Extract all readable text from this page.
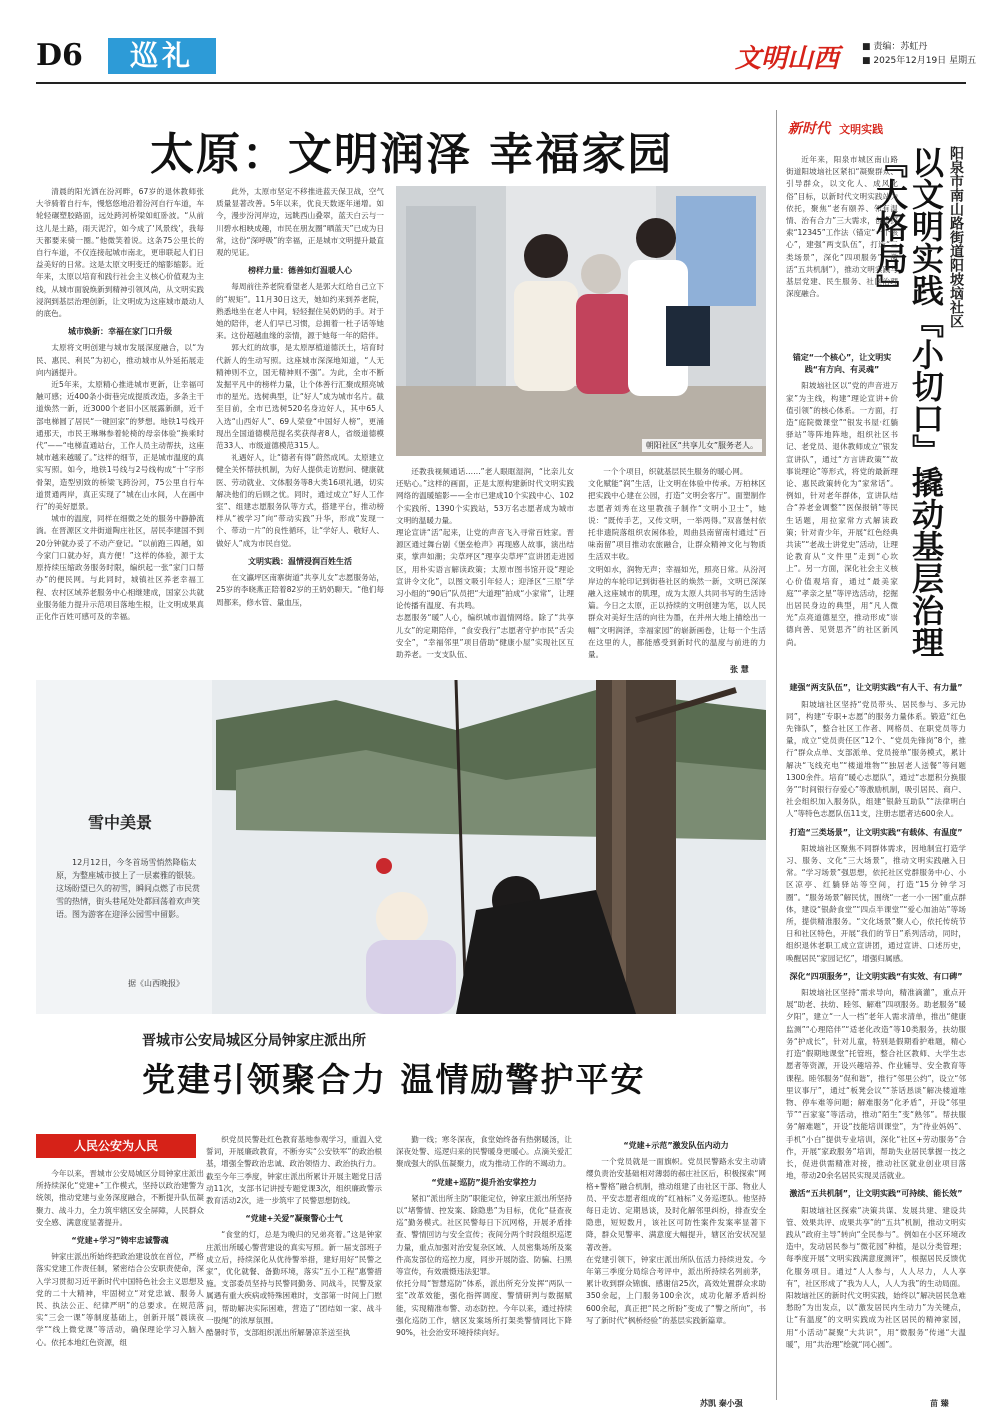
D6	巡礼	文明山西	■ 责编：苏虹丹
■ 2025年12月19日 星期五
太原：文明润泽 幸福家园

清晨的阳光洒在汾河畔，67岁的退休教师张大爷骑着自行车，慢悠悠地沿着汾河自行车道，车轮轻碾塑胶路面，远处跨河桥梁如虹卧波。“从前这儿是土路，雨天泥泞，如今成了‘风景线’，我每天都要来骑一圈。”他微笑着说。这条75公里长的自行车道，不仅连接起城市南北，更串联起人们日益美好的日常。这是太原文明变迁的缩影缩影。近年来，太原以培育和践行社会主义核心价值观为主线，从城市面貌焕新到精神引领风尚，从文明实践浸润到基层治理创新，让文明成为这座城市最动人的底色。

城市焕新：幸福在家门口升级

太原将文明创建与城市发展深度融合，以“为民、惠民、利民”为初心，推动城市从外延拓展走向内涵提升。

近5年来，太原精心推进城市更新，让幸福可触可感；近400条小街巷完成提质改造，多条主干道焕然一新，近3000个老旧小区展露新颜，近千部电梯圆了居民“一键回家”的梦想。地铁1号线开通那天，市民王琳琳参着轮椅的母亲体验“换乘时代”——“电梯直通站台，工作人员主动帮扶，这座城市越来越暖了。”这样的细节，正是城市温度的真实写照。如今，地铁1号线与2号线构成“十”字形骨架，造型别致的桥梁飞跨汾河，75公里自行车道贯通两岸，真正实现了“城在山水间，人在画中行”的美好愿景。

城市的温度，同样在细微之处的服务中静静流淌。在晋源区文井街道陶庄社区，居民李建国不到20分钟就办妥了不动产登记。“以前跑三四趟，如今家门口就办好，真方便！”这样的体验，源于太原持续压缩政务服务时限，编织起一张“家门口帮办”的便民网。与此同时，城镇社区养老幸福工程、农村区域养老服务中心相继建成，国家公共就业服务能力提升示范项目落地生根，让文明成果真正化作百姓可感可及的幸福。

此外，太原市坚定不移推进蓝天保卫战，空气质量显著改善。5年以来，优良天数逐年递增。如今，漫步汾河岸边，远眺西山叠翠，蓝天白云与一川碧水相映成趣，市民在朋友圈“晒蓝天”已成为日常，这份“深呼吸”的幸福，正是城市文明提升最直观的见证。

榜样力量：德善如灯温暖人心

每周前往养老院看望老人是郭大红给自己立下的“规矩”。11月30日这天，她如约来到养老院，熟悉地坐在老人中间，轻轻握住吴奶奶的手。对于她的陪伴，老人们早已习惯，总拥着一杜子话等她来。这份超越血缘的亲情，源于她每一年的陪伴。

郭大红的故事，是太原厚植道德沃土，培育时代新人的生动写照。这座城市深深地知道，“人无精神则不立，国无精神则不强”。为此，全市不断发掘平凡中的榜样力量，让个体善行汇聚成照亮城市的星光。选树典型，让“好人”成为城市名片。截至目前，全市已选树520名身边好人，其中65人入选“山西好人”、69人荣登“中国好人榜”，更涌现出全国道德模范提名奖获得者8人，省级道德模范33人、市级道德模范315人。

礼遇好人，让“德者有得”蔚然成风。太原建立健全关怀帮扶机制，为好人提供走访慰问、健康就医、劳动就业、文体服务等8大类16项礼遇，切实解决他们的后顾之忧。同时，通过成立“好人工作室”、组建志愿服务队等方式，搭建平台，推动榜样从“被学习”向“带动实践”升华，形成“发现一个、带动一片”的良性循环，让“学好人、敬好人、做好人”成为市民自觉。

文明实践：温情浸润百姓生活

在文瀛坪区南寨街道“共享儿女”志愿服务站，25岁的李晓燕正陪着82岁的王奶奶聊天。“他们每周都来，修水管、量血压，

朝阳社区“共享儿女”服务老人。
还教我视频通话……”老人眼眶湿润，“比亲儿女还贴心。”这样的画面，正是太原构建新时代文明实践网络的温暖缩影——全市已建成10个实践中心、102个实践所、1390个实践站，53万名志愿者成为城市文明的温暖力量。
理论宣讲“活”起来，让党的声音飞入寻常百姓家。晋源区通过舞台剧《堡垒枪声》再现感人故事，演出结束，掌声如潮；尖草坪区“理享尖草坪”宣讲团走进园区，用朴实语言解读政策；太原市图书馆开设“理论宣讲令文化”，以图文吸引年轻人；迎泽区“三原”学习小组的“90后”队员把“大道理”拍成“小家常”，让理论传播有温度、有共鸣。
志愿服务“暖”人心，编织城市温情网络。除了“共享儿女”的定期陪伴，“食安我行”志愿者守护市民“舌尖安全”，“幸福邻里”项目借助“健康小屋”实现社区互助养老。一支支队伍、
一个个项目，织就基层民生服务的暖心网。
文化赋能“润”生活，让文明在体验中传承。万柏林区把实践中心建在公园，打造“文明会客厅”。面塑制作志愿者刘秀在这里教孩子制作“文明小卫士”，她说：“既传手艺，又传文明，一举两得。”双喜堡村依托非遗院落组织农闲体验，周曲县南留南村通过“百味南留”项目推动农旅融合，让群众精神文化与物质生活双丰收。
文明如水，润物无声；幸福如光，照亮日常。从汾河岸边的车轮印记到街巷社区的焕然一新，文明已深深融入这座城市的肌理，成为太原人共同书写的生活诗篇。今日之太原，正以持续的文明创建为笔，以人民群众对美好生活的向往为墨，在并州大地上描绘出一幅“文明润泽，幸福家园”的崭新画卷，让每一个生活在这里的人，都能感受到新时代的温度与前进的力量。
张 慧
雪中美景
12月12日，今冬首场雪悄然降临太原，为整座城市披上了一层素雅的银装。这场盼望已久的初雪，瞬间点燃了市民赏雪的热情，街头巷尾处处都回荡着欢声笑语。图为游客在迎泽公园雪中留影。
据《山西晚报》
晋城市公安局城区分局钟家庄派出所
党建引领聚合力 温情励警护平安
人民公安为人民
今年以来，晋城市公安局城区分局钟家庄派出所持续深化“党建+”工作模式，坚持以政治建警为统领，推动党建与业务深度融合，不断提升队伍凝聚力、战斗力，全力筑牢辖区安全屏障，人民群众安全感、满意度显著提升。
“党建+学习”铸牢忠诚警魂
钟家庄派出所始终把政治建设放在首位，严格落实党建工作责任制，紧密结合公安职责使命，深入学习贯彻习近平新时代中国特色社会主义思想及党的二十大精神，牢固树立“对党忠诚、服务人民、执法公正、纪律严明”的总要求。在规范落实“三会一课”等制度基础上，创新开展“晨读夜学”“线上微党课”等活动，确保理论学习入脑入心。依托本地红色资源，组
织党员民警赴红色教育基地参观学习，重温入党誓词，开展廉政教育，不断夯实“公安铁军”的政治根基，增强全警政治忠诚、政治领悟力、政治执行力。
截至今年三季度，钟家庄派出所累计开展主题党日活动11次，支部书记讲授专题党课3次，组织廉政警示教育活动2次，进一步筑牢了民警思想防线。
“党建+关爱”凝聚警心士气
“食堂的灯，总是为晚归的兄弟亮着。”这是钟家庄派出所暖心警营建设的真实写照。新一届支部班子成立后，持续深化从优待警举措，建好用好“民警之家”，优化就餐、备勤环境，落实“五小工程”惠警措施。支部委员坚持与民警同勤务、同战斗，民警及家属遇有重大疾病或特殊困难时，支部第一时间上门慰问，帮助解决实际困难，营造了“团结如一家、战斗一股绳”的浓厚氛围。
酷暑时节，支部组织派出所解暑凉茶送至执
勤一线；寒冬深夜，食堂始终备有热粥暖汤，让深夜处警、巡逻归来的民警暖身更暖心。点滴关爱汇聚成强大的队伍凝聚力，成为推动工作的不竭动力。
“党建+巡防”提升治安掌控力
紧扣“派出所主防”职能定位，钟家庄派出所坚持以“堵警情、控发案、除隐患”为目标，优化“昼查夜巡”勤务模式。社区民警每日下沉网格，开展矛盾排查、警情回访与安全宣传；夜间分两个时段组织巡逻力量，重点加强对治安复杂区域、人员密集场所及案件高发部位的巡控力度，同步开展防盗、防骗、扫黑等宣传，有效震慑违法犯罪。
依托分局“智慧巡防”体系，派出所充分发挥“两队一室”改革效能，强化指挥调度、警情研判与数据赋能，实现精准布警、动态防控。今年以来，通过持续强化巡防工作，辖区发案场所打架类警情同比下降90%，社会治安环境持续向好。
“党建+示范”激发队伍内动力
一个党员就是一面旗帜。党员民警路永安主动请缨负责治安基础相对薄弱的郝庄社区后，积极探索“网格+警格”融合机制，推动组建了由社区干部、物业人员、平安志愿者组成的“红袖标”义务巡逻队。他坚持每日走访、定期恳谈，及时化解邻里纠纷，排查安全隐患，短短数月，该社区可防性案件发案率显著下降，群众见警率、满意度大幅提升，辖区治安状况显著改善。
在党建引领下，钟家庄派出所队伍活力持续迸发。今年第三季度分局综合考评中，派出所持续名列前茅，累计收到群众锦旗、感谢信25次，高效处置群众求助350余起，上门服务100余次，成功化解矛盾纠纷600余起，真正把“民之所盼”变成了“警之所向”，书写了新时代“枫桥经验”的基层实践新篇章。
苏凯 秦小强
新时代 文明实践
阳泉市南山路街道阳坡垴社区
以文明实践『小切口』撬动基层治理『大格局』
近年来，阳泉市城区南山路街道阳坡垴社区紧扣“凝聚群众、引导群众，以文化人、成风化俗”目标，以新时代文明实践站为依托，聚焦“老有颐养、邻有温情、治有合力”三大需求，创新探索“12345”工作法（锚定“一个核心”，建强“两支队伍”，打造“三类场景”，深化“四项服务”，激活“五共机制”），推动文明实践与基层党建、民生服务、社区治理深度融合。
锚定“一个核心”，让文明实践“有方向、有灵魂”
阳坡垴社区以“党的声音进万家”为主线，构建“理论宣讲+价值引领”的核心体系。一方面，打造“庭院微课堂”“银发书屋·红躺驿站”等阵地阵地，组织社区书记、老党员、退休教师成立“银发宣讲队”，通过“方言讲政策”“故事说理论”等形式，将党的最新理论、惠民政策转化为“家常话”。例如，针对老年群体，宣讲队结合“养老金调整”“医保报销”等民生话题，用拉家常方式解读政策；针对青少年，开展“红色经典共读”“老战士讲党史”活动，让理论教育从“文件里”走到“心坎上”。另一方面，深化社会主义核心价值观培育，通过“最美家庭”“孝亲之星”等评选活动，挖掘出居民身边的典型，用“凡人微光”点亮道德星空，推动形成“崇德向善、见贤思齐”的社区新风尚。
建强“两支队伍”，让文明实践“有人干、有力量”
阳坡垴社区坚持“党员带头、居民参与、多元协同”，构建“专职+志愿”的服务力量体系。锻造“红色先锋队”，整合社区工作者、网格员、在职党员等力量，成立“党员责任区”12个、“党员先锋岗”8个，推行“群众点单、支部派单、党员接单”服务模式，累计解决“飞线充电”“楼道堆物”“独居老人送餐”等问题1300余件。培育“暖心志愿队”，通过“志愿积分换服务”“时间银行存爱心”等激励机制，吸引居民、商户、社会组织加入服务队，组建“银龄互助队”“法律明白人”等特色志愿队伍11支，注册志愿者达600余人。
打造“三类场景”，让文明实践“有载体、有温度”
阳坡垴社区聚焦不同群体需求，因地制宜打造学习、服务、文化“三大场景”，推动文明实践融入日常。“学习场景”强思想，依托社区党群服务中心、小区凉亭、红躺驿站等空间，打造“15分钟学习圈”。“服务场景”解民忧，围绕“一老一小一困”重点群体，建设“银龄食堂”“四点半课堂”“爱心加油站”等场所，提供精准服务。“文化场景”聚人心，依托传统节日和社区特色，开展“我们的节日”系列活动，同时，组织退休老职工成立宣讲团，通过宣讲、口述历史，唤醒居民“家园记忆”，增强归属感。
深化“四项服务”，让文明实践“有实效、有口碑”
阳坡垴社区坚持“需求导向，精准滴灌”，重点开展“助老、扶幼、睦邻、解难”四项服务。助老服务“暖夕阳”，建立“一人一档”老年人需求清单，推出“健康监测”“心理陪伴”“适老化改造”等10类服务，扶幼服务“护成长”，针对儿童，特别是假期看护难题，精心打造“假期地课堂”托管班，整合社区教师、大学生志愿者等资源，开设兴趣培养、作业辅导、安全教育等课程。睦邻服务“促和谐”，推行“邻里公约”，设立“邻里议事厅”，通过“板凳会议”“茶话恳谈”解决楼道堆物、停车难等问题；解难服务“化矛盾”，开设“邻里节”“百家宴”等活动，推动“陌生”变“熟邻”。帮扶服务“解难题”，开设“技能培训课堂”，为“待业妈妈”、手机“小白”提供专业培训，深化“社区+劳动服务”合作，开展“家政服务”培训，帮助失业居民掌握一技之长，促进供需精准对接，推动社区就业创业项目落地，带动20余名居民实现灵活就业。
激活“五共机制”，让文明实践“可持续、能长效”
阳坡垴社区探索“决策共谋、发展共建、建设共管、效果共评、成果共享”的“五共”机制，推动文明实践从“政府主导”转向“全民参与”。例如在小区环境改造中，发动居民参与“微花园”种植，是以分类管理；每季度开展“文明实践满意度测评”，根据居民反馈优化服务项目。通过“人人参与，人人尽力，人人享有”，社区形成了“我为人人，人人为我”的生动局面。
阳坡垴社区的新时代文明实践，始终以“解决居民急难愁盼”为出发点，以“激发居民内生动力”为关键点，让“有温度”的文明实践成为社区居民的精神家园，用“小活动”凝聚“大共识”，用“微服务”传递“大温暖”，用“共治理”绘就“同心圆”。
苗 臻
